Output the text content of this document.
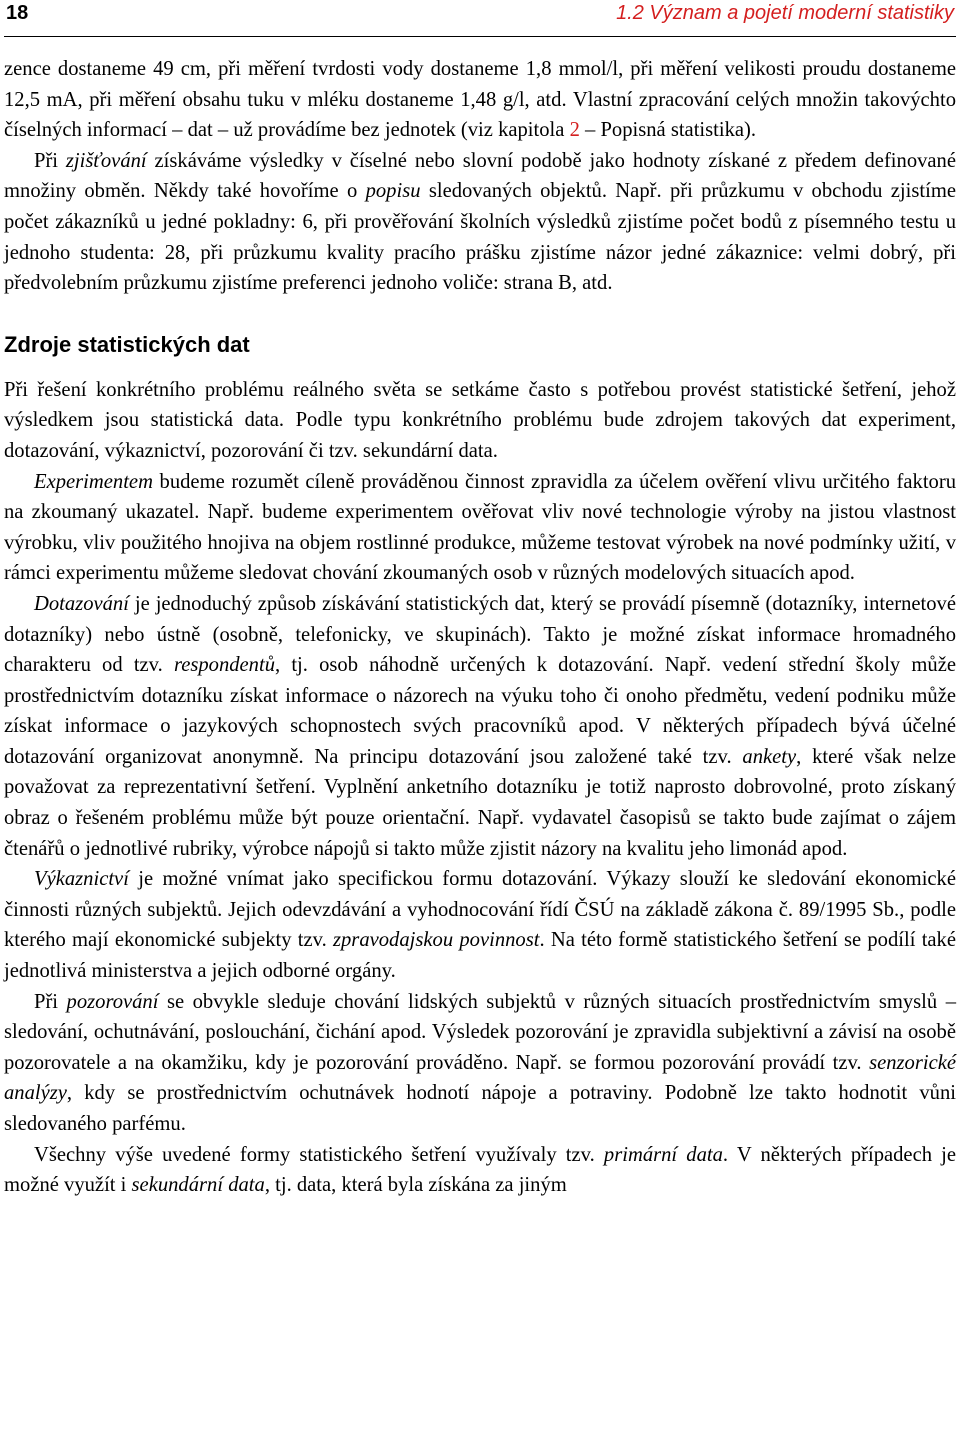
18	1.2 Význam a pojetí moderní statistiky

zence dostaneme 49 cm, při měření tvrdosti vody dostaneme 1,8 mmol/l, při měření velikosti proudu dostaneme 12,5 mA, při měření obsahu tuku v mléku dostaneme 1,48 g/l, atd. Vlastní zpracování celých množin takovýchto číselných informací – dat – už provádíme bez jednotek (viz kapitola 2 – Popisná statistika).

Při zjišťování získáváme výsledky v číselné nebo slovní podobě jako hodnoty získané z předem definované množiny obměn. Někdy také hovoříme o popisu sledovaných objektů. Např. při průzkumu v obchodu zjistíme počet zákazníků u jedné pokladny: 6, při prověřování školních výsledků zjistíme počet bodů z písemného testu u jednoho studenta: 28, při průzkumu kvality pracího prášku zjistíme názor jedné zákaznice: velmi dobrý, při předvolebním průzkumu zjistíme preferenci jednoho voliče: strana B, atd.

Zdroje statistických dat

Při řešení konkrétního problému reálného světa se setkáme často s potřebou provést statistické šetření, jehož výsledkem jsou statistická data. Podle typu konkrétního problému bude zdrojem takových dat experiment, dotazování, výkaznictví, pozorování či tzv. sekundární data.

Experimentem budeme rozumět cíleně prováděnou činnost zpravidla za účelem ověření vlivu určitého faktoru na zkoumaný ukazatel. Např. budeme experimentem ověřovat vliv nové technologie výroby na jistou vlastnost výrobku, vliv použitého hnojiva na objem rostlinné produkce, můžeme testovat výrobek na nové podmínky užití, v rámci experimentu můžeme sledovat chování zkoumaných osob v různých modelových situacích apod.

Dotazování je jednoduchý způsob získávání statistických dat, který se provádí písemně (dotazníky, internetové dotazníky) nebo ústně (osobně, telefonicky, ve skupinách). Takto je možné získat informace hromadného charakteru od tzv. respondentů, tj. osob náhodně určených k dotazování. Např. vedení střední školy může prostřednictvím dotazníku získat informace o názorech na výuku toho či onoho předmětu, vedení podniku může získat informace o jazykových schopnostech svých pracovníků apod. V některých případech bývá účelné dotazování organizovat anonymně. Na principu dotazování jsou založené také tzv. ankety, které však nelze považovat za reprezentativní šetření. Vyplnění anketního dotazníku je totiž naprosto dobrovolné, proto získaný obraz o řešeném problému může být pouze orientační. Např. vydavatel časopisů se takto bude zajímat o zájem čtenářů o jednotlivé rubriky, výrobce nápojů si takto může zjistit názory na kvalitu jeho limonád apod.

Výkaznictví je možné vnímat jako specifickou formu dotazování. Výkazy slouží ke sledování ekonomické činnosti různých subjektů. Jejich odevzdávání a vyhodnocování řídí ČSÚ na základě zákona č. 89/1995 Sb., podle kterého mají ekonomické subjekty tzv. zpravodajskou povinnost. Na této formě statistického šetření se podílí také jednotlivá ministerstva a jejich odborné orgány.

Při pozorování se obvykle sleduje chování lidských subjektů v různých situacích prostřednictvím smyslů – sledování, ochutnávání, poslouchání, čichání apod. Výsledek pozorování je zpravidla subjektivní a závisí na osobě pozorovatele a na okamžiku, kdy je pozorování prováděno. Např. se formou pozorování provádí tzv. senzorické analýzy, kdy se prostřednictvím ochutnávek hodnotí nápoje a potraviny. Podobně lze takto hodnotit vůni sledovaného parfému.

Všechny výše uvedené formy statistického šetření využívaly tzv. primární data. V některých případech je možné využít i sekundární data, tj. data, která byla získána za jiným
